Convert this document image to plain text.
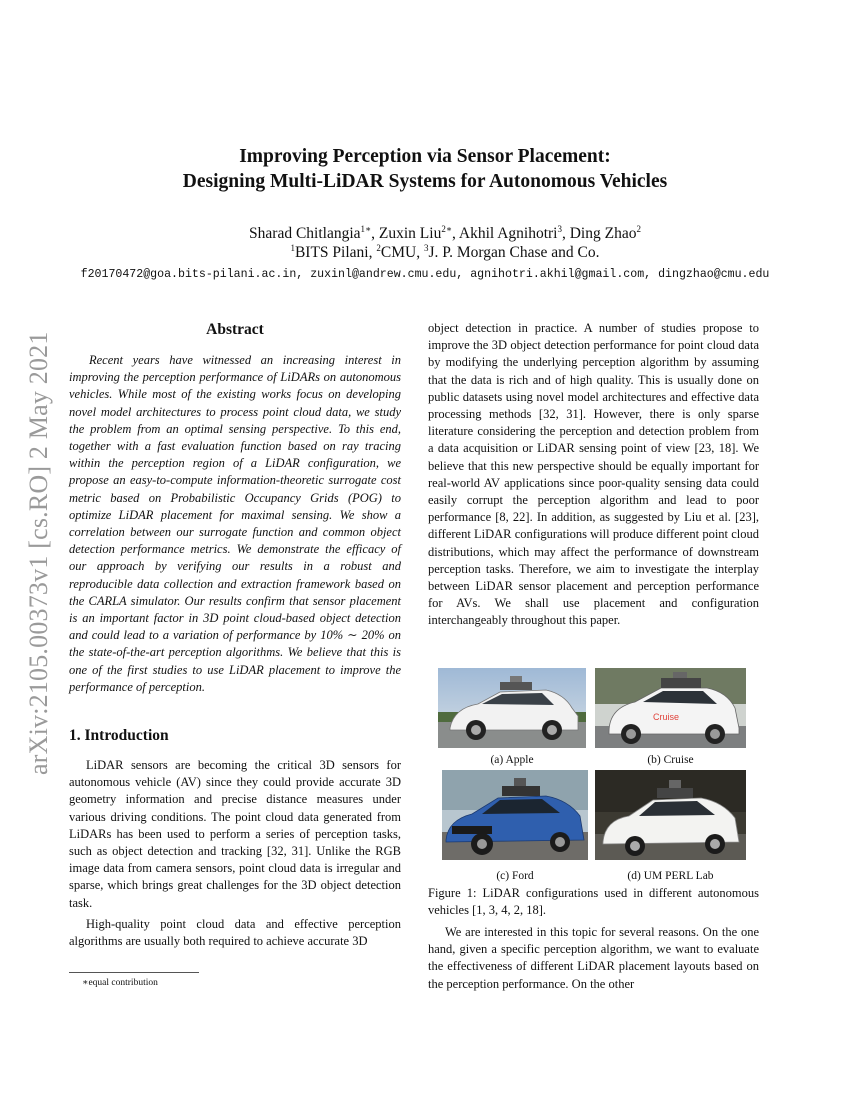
arXiv:2105.00373v1 [cs.RO] 2 May 2021
Improving Perception via Sensor Placement:
Designing Multi-LiDAR Systems for Autonomous Vehicles
Sharad Chitlangia$^{1∗}$, Zuxin Liu$^{2∗}$, Akhil Agnihotri$^3$, Ding Zhao$^2$
$^1$BITS Pilani, $^2$CMU, $^3$J. P. Morgan Chase and Co.
f20170472@goa.bits-pilani.ac.in, zuxinl@andrew.cmu.edu, agnihotri.akhil@gmail.com, dingzhao@cmu.edu
Abstract

Recent years have witnessed an increasing interest in improving the perception performance of LiDARs on autonomous vehicles. While most of the existing works focus on developing novel model architectures to process point cloud data, we study the problem from an optimal sensing perspective. To this end, together with a fast evaluation function based on ray tracing within the perception region of a LiDAR configuration, we propose an easy-to-compute information-theoretic surrogate cost metric based on Probabilistic Occupancy Grids (POG) to optimize LiDAR placement for maximal sensing. We show a correlation between our surrogate function and common object detection performance metrics. We demonstrate the efficacy of our approach by verifying our results in a robust and reproducible data collection and extraction framework based on the CARLA simulator. Our results confirm that sensor placement is an important factor in 3D point cloud-based object detection and could lead to a variation of performance by 10% ∼ 20% on the state-of-the-art perception algorithms. We believe that this is one of the first studies to use LiDAR placement to improve the performance of perception.

1. Introduction

LiDAR sensors are becoming the critical 3D sensors for autonomous vehicle (AV) since they could provide accurate 3D geometry information and precise distance measures under various driving conditions. The point cloud data generated from LiDARs has been used to perform a series of perception tasks, such as object detection and tracking [32, 31]. Unlike the RGB image data from camera sensors, point cloud data is irregular and sparse, which brings great challenges for the 3D object detection task.

High-quality point cloud data and effective perception algorithms are usually both required to achieve accurate 3D

object detection in practice. A number of studies propose to improve the 3D object detection performance for point cloud data by modifying the underlying perception algorithm by assuming that the data is rich and of high quality. This is usually done on public datasets using novel model architectures and effective data processing methods [32, 31]. However, there is only sparse literature considering the perception and detection problem from a data acquisition or LiDAR sensing point of view [23, 18]. We believe that this new perspective should be equally important for real-world AV applications since poor-quality sensing data could easily corrupt the perception algorithm and lead to poor performance [8, 22]. In addition, as suggested by Liu et al. [23], different LiDAR configurations will produce different point cloud distributions, which may affect the performance of downstream perception tasks. Therefore, we aim to investigate the interplay between LiDAR sensor placement and perception performance for AVs. We shall use placement and configuration interchangeably throughout this paper.

Cruise
(a) Apple	(b) Cruise
(c) Ford	(d) UM PERL Lab
Figure 1: LiDAR configurations used in different autonomous vehicles [1, 3, 4, 2, 18].

We are interested in this topic for several reasons. On the one hand, given a specific perception algorithm, we want to evaluate the effectiveness of different LiDAR placement layouts based on the perception performance. On the other

∗equal contribution
